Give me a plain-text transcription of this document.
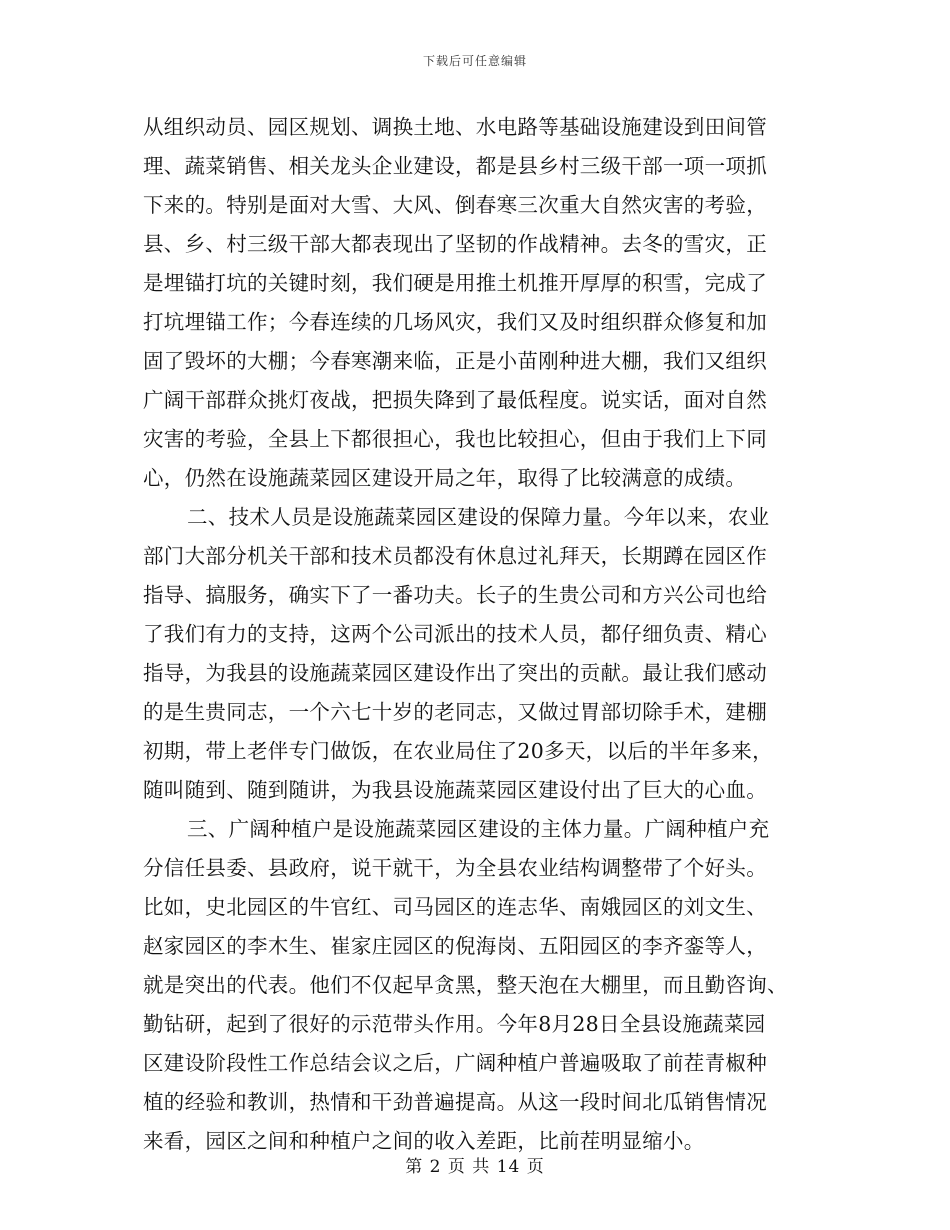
下载后可任意编辑
从组织动员、园区规划、调换土地、水电路等基础设施建设到田间管
理、蔬菜销售、相关龙头企业建设，都是县乡村三级干部一项一项抓
下来的。特别是面对大雪、大风、倒春寒三次重大自然灾害的考验，
县、乡、村三级干部大都表现出了坚韧的作战精神。去冬的雪灾，正
是埋锚打坑的关键时刻，我们硬是用推土机推开厚厚的积雪，完成了
打坑埋锚工作；今春连续的几场风灾，我们又及时组织群众修复和加
固了毁坏的大棚；今春寒潮来临，正是小苗刚种进大棚，我们又组织
广阔干部群众挑灯夜战，把损失降到了最低程度。说实话，面对自然
灾害的考验，全县上下都很担心，我也比较担心，但由于我们上下同
心，仍然在设施蔬菜园区建设开局之年，取得了比较满意的成绩。
二、技术人员是设施蔬菜园区建设的保障力量。今年以来，农业
部门大部分机关干部和技术员都没有休息过礼拜天，长期蹲在园区作
指导、搞服务，确实下了一番功夫。长子的生贵公司和方兴公司也给
了我们有力的支持，这两个公司派出的技术人员，都仔细负责、精心
指导，为我县的设施蔬菜园区建设作出了突出的贡献。最让我们感动
的是生贵同志，一个六七十岁的老同志，又做过胃部切除手术，建棚
初期，带上老伴专门做饭，在农业局住了20多天，以后的半年多来，
随叫随到、随到随讲，为我县设施蔬菜园区建设付出了巨大的心血。
三、广阔种植户是设施蔬菜园区建设的主体力量。广阔种植户充
分信任县委、县政府，说干就干，为全县农业结构调整带了个好头。
比如，史北园区的牛官红、司马园区的连志华、南娥园区的刘文生、
赵家园区的李木生、崔家庄园区的倪海岗、五阳园区的李齐銮等人，
就是突出的代表。他们不仅起早贪黑，整天泡在大棚里，而且勤咨询、
勤钻研，起到了很好的示范带头作用。今年8月28日全县设施蔬菜园
区建设阶段性工作总结会议之后，广阔种植户普遍吸取了前茬青椒种
植的经验和教训，热情和干劲普遍提高。从这一段时间北瓜销售情况
来看，园区之间和种植户之间的收入差距，比前茬明显缩小。
第 2 页 共 14 页
